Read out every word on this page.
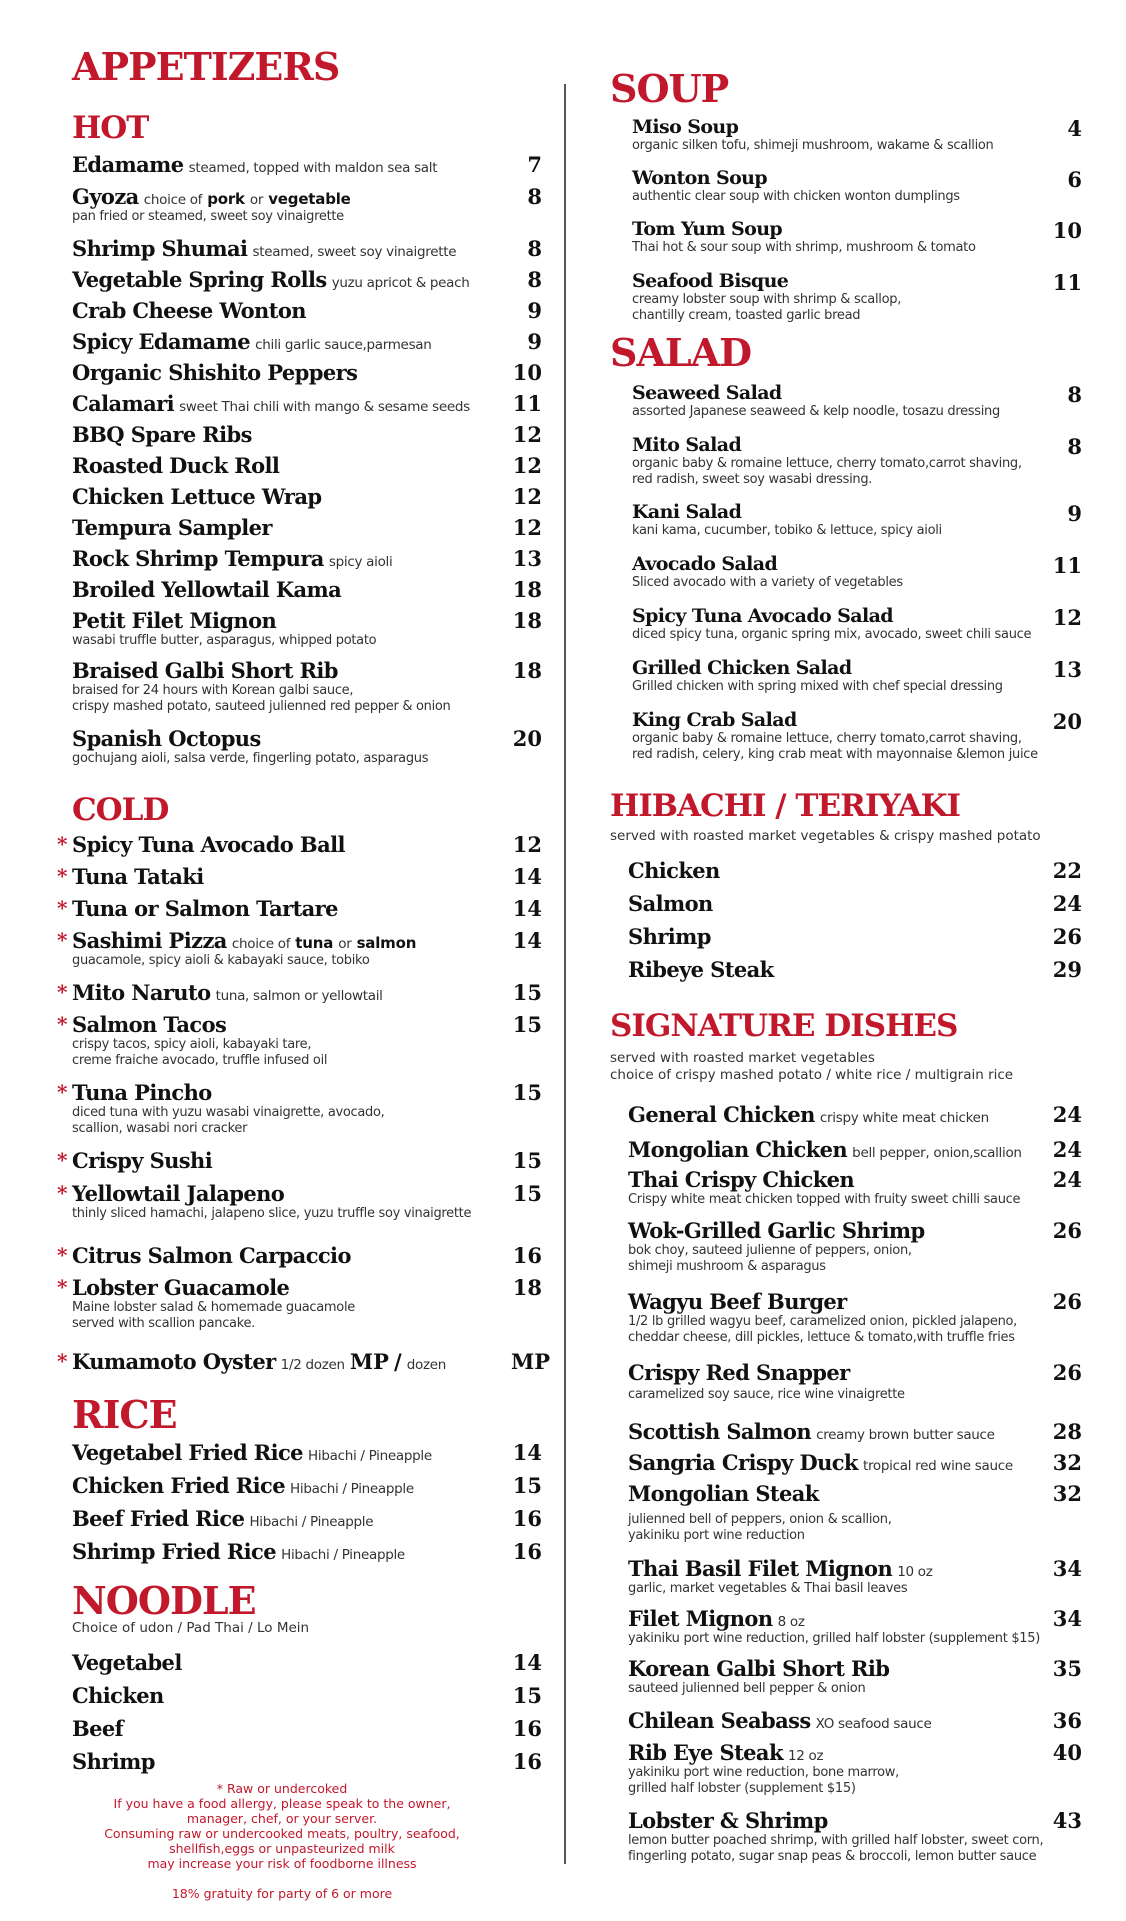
APPETIZERS
HOT
Edamame steamed, topped with maldon sea salt	7
Gyoza choice of pork or vegetable
pan fried or steamed, sweet soy vinaigrette
8
Shrimp Shumai steamed, sweet soy vinaigrette	8
Vegetable Spring Rolls yuzu apricot & peach	8
Crab Cheese Wonton	9
Spicy Edamame chili garlic sauce,parmesan	9
Organic Shishito Peppers	10
Calamari sweet Thai chili with mango & sesame seeds 11
BBQ Spare Ribs	12
Roasted Duck Roll	12
Chicken Lettuce Wrap	12
Tempura Sampler	12
Rock Shrimp Tempura spicy aioli	13
Broiled Yellowtail Kama	18
Petit Filet Mignon
wasabi truffle butter, asparagus, whipped potato
18
Braised Galbi Short Rib
braised for 24 hours with Korean galbi sauce,
crispy mashed potato, sauteed julienned red pepper & onion
18
Spanish Octopus
gochujang aioli, salsa verde, fingerling potato, asparagus
20
COLD
* Spicy Tuna Avocado Ball	12
* Tuna Tataki	14
* Tuna or Salmon Tartare	14
* Sashimi Pizza choice of tuna or salmon
guacamole, spicy aioli & kabayaki sauce, tobiko
14
* Mito Naruto tuna, salmon or yellowtail	15
* Salmon Tacos
crispy tacos, spicy aioli, kabayaki tare,
creme fraiche avocado, truffle infused oil
15
* Tuna Pincho
diced tuna with yuzu wasabi vinaigrette, avocado,
scallion, wasabi nori cracker
15
* Crispy Sushi	15
* Yellowtail Jalapeno
thinly sliced hamachi, jalapeno slice, yuzu truffle soy vinaigrette
15
* Citrus Salmon Carpaccio	16
* Lobster Guacamole
Maine lobster salad & homemade guacamole
served with scallion pancake.
18
* Kumamoto Oyster 1/2 dozen MP / dozen	MP
RICE
Vegetabel Fried Rice Hibachi / Pineapple	14
Chicken Fried Rice Hibachi / Pineapple	15
Beef Fried Rice Hibachi / Pineapple	16
Shrimp Fried Rice Hibachi / Pineapple	16
NOODLE
Choice of udon / Pad Thai / Lo Mein
Vegetabel	14
Chicken	15
Beef	16
Shrimp	16
* Raw or undercoked
If you have a food allergy, please speak to the owner,
manager, chef, or your server.
Consuming raw or undercooked meats, poultry, seafood,
shellfish,eggs or unpasteurized milk
may increase your risk of foodborne illness
18% gratuity for party of 6 or more
SOUP
Miso Soup
organic silken tofu, shimeji mushroom, wakame & scallion
4
Wonton Soup
authentic clear soup with chicken wonton dumplings
6
Tom Yum Soup
Thai hot & sour soup with shrimp, mushroom & tomato
10
Seafood Bisque
creamy lobster soup with shrimp & scallop,
chantilly cream, toasted garlic bread
11
SALAD
Seaweed Salad
assorted Japanese seaweed & kelp noodle, tosazu dressing
8
Mito Salad
organic baby & romaine lettuce, cherry tomato,carrot shaving,
red radish, sweet soy wasabi dressing.
8
Kani Salad
kani kama, cucumber, tobiko & lettuce, spicy aioli
9
Avocado Salad
Sliced avocado with a variety of vegetables
11
Spicy Tuna Avocado Salad
diced spicy tuna, organic spring mix, avocado, sweet chili sauce
12
Grilled Chicken Salad
Grilled chicken with spring mixed with chef special dressing
13
King Crab Salad
organic baby & romaine lettuce, cherry tomato,carrot shaving,
red radish, celery, king crab meat with mayonnaise &lemon juice
20
HIBACHI / TERIYAKI
served with roasted market vegetables & crispy mashed potato
Chicken	22
Salmon	24
Shrimp	26
Ribeye Steak	29
SIGNATURE DISHES
served with roasted market vegetables
choice of crispy mashed potato / white rice / multigrain rice
General Chicken crispy white meat chicken	24
Mongolian Chicken bell pepper, onion,scallion 24
Thai Crispy Chicken
Crispy white meat chicken topped with fruity sweet chilli sauce
24
Wok-Grilled Garlic Shrimp
bok choy, sauteed julienne of peppers, onion,
shimeji mushroom & asparagus
26
Wagyu Beef Burger
1/2 lb grilled wagyu beef, caramelized onion, pickled jalapeno,
cheddar cheese, dill pickles, lettuce & tomato,with truffle fries
26
Crispy Red Snapper
caramelized soy sauce, rice wine vinaigrette
26
Scottish Salmon creamy brown butter sauce	28
Sangria Crispy Duck tropical red wine sauce 32
Mongolian Steak
julienned bell of peppers, onion & scallion,
yakiniku port wine reduction
32
Thai Basil Filet Mignon 10 oz
garlic, market vegetables & Thai basil leaves
34
Filet Mignon 8 oz
yakiniku port wine reduction, grilled half lobster (supplement $15)
34
Korean Galbi Short Rib
sauteed julienned bell pepper & onion
35
Chilean Seabass XO seafood sauce	36
Rib Eye Steak 12 oz
yakiniku port wine reduction, bone marrow,
grilled half lobster (supplement $15)
40
Lobster & Shrimp
lemon butter poached shrimp, with grilled half lobster, sweet corn,
fingerling potato, sugar snap peas & broccoli, lemon butter sauce
43
